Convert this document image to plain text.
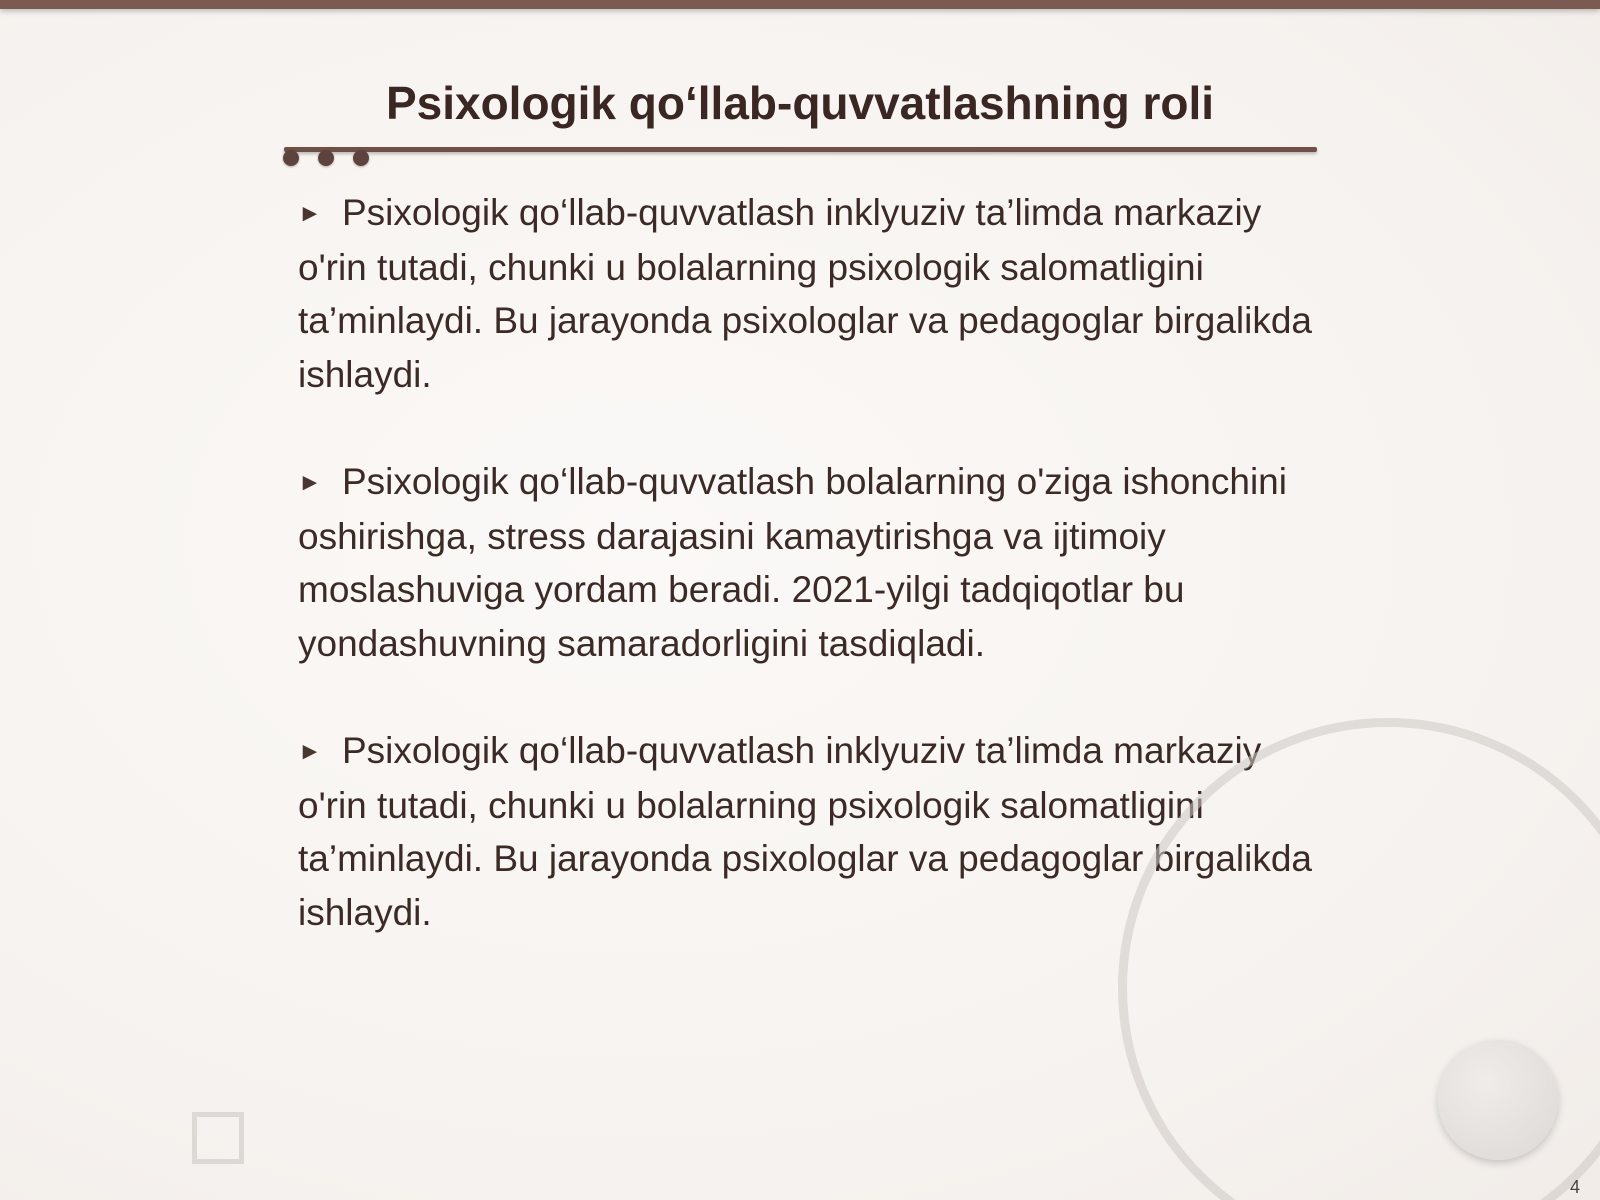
Psixologik qo‘llab-quvvatlashning roli

► Psixologik qo‘llab-quvvatlash inklyuziv ta’limda markaziy o'rin tutadi, chunki u bolalarning psixologik salomatligini ta’minlaydi. Bu jarayonda psixologlar va pedagoglar birgalikda ishlaydi.

► Psixologik qo‘llab-quvvatlash bolalarning o'ziga ishonchini oshirishga, stress darajasini kamaytirishga va ijtimoiy moslashuviga yordam beradi. 2021-yilgi tadqiqotlar bu yondashuvning samaradorligini tasdiqladi.

► Psixologik qo‘llab-quvvatlash inklyuziv ta’limda markaziy o'rin tutadi, chunki u bolalarning psixologik salomatligini ta’minlaydi. Bu jarayonda psixologlar va pedagoglar birgalikda ishlaydi.

4
